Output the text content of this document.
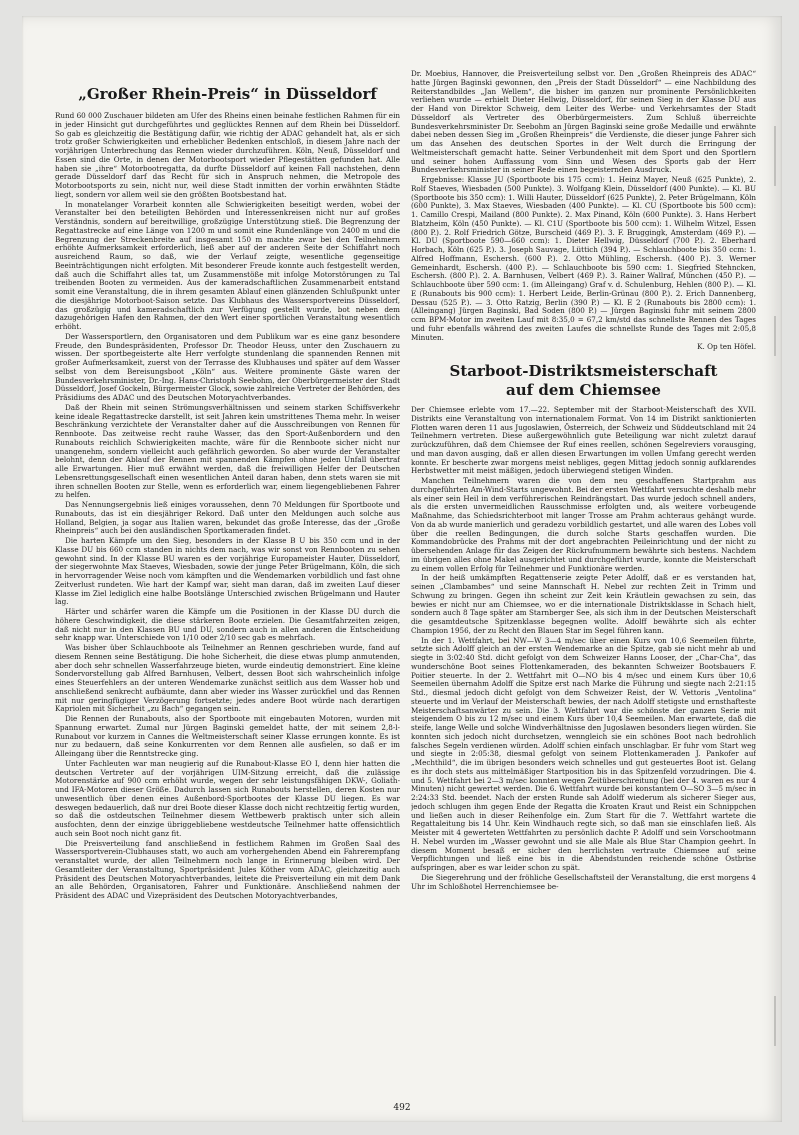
„Großer Rhein-Preis“ in Düsseldorf

Rund 60 000 Zuschauer bildeten am Ufer des Rheins einen beinahe festlichen Rahmen für ein in jeder Hinsicht gut durchgeführtes und geglücktes Rennen auf dem Rhein bei Düsseldorf. So gab es gleichzeitig die Bestätigung dafür, wie richtig der ADAC gehandelt hat, als er sich trotz großer Schwierigkeiten und erheblicher Bedenken entschloß, in diesem Jahre nach der vorjährigen Unterbrechung das Rennen wieder durchzuführen. Köln, Neuß, Düsseldorf und Essen sind die Orte, in denen der Motorbootsport wieder Pflegestätten gefunden hat. Alle haben sie „ihre“ Motorbootregatta, da durfte Düsseldorf auf keinen Fall nachstehen, denn gerade Düsseldorf darf das Recht für sich in Anspruch nehmen, die Metropole des Motorbootsports zu sein, nicht nur, weil diese Stadt inmitten der vorhin erwähnten Städte liegt, sondern vor allem weil sie den größten Bootsbestand hat.

In monatelanger Vorarbeit konnten alle Schwierigkeiten beseitigt werden, wobei der Veranstalter bei den beteiligten Behörden und Interessenkreisen nicht nur auf großes Verständnis, sondern auf bereitwillige, großzügige Unterstützung stieß. Die Begrenzung der Regattastrecke auf eine Länge von 1200 m und somit eine Rundenlänge von 2400 m und die Begrenzung der Streckenbreite auf insgesamt 150 m machte zwar bei den Teilnehmern erhöhte Aufmerksamkeit erforderlich, ließ aber auf der anderen Seite der Schiffahrt noch ausreichend Raum, so daß, wie der Verlauf zeigte, wesentliche gegenseitige Beeinträchtigungen nicht erfolgten. Mit besonderer Freude konnte auch festgestellt werden, daß auch die Schiffahrt alles tat, um Zusammenstöße mit infolge Motorstörungen zu Tal treibenden Booten zu vermeiden. Aus der kameradschaftlichen Zusammenarbeit entstand somit eine Veranstaltung, die in ihrem gesamten Ablauf einen glänzenden Schlußpunkt unter die diesjährige Motorboot-Saison setzte. Das Klubhaus des Wassersportvereins Düsseldorf, das großzügig und kameradschaftlich zur Verfügung gestellt wurde, bot neben dem dazugehörigen Hafen den Rahmen, der den Wert einer sportlichen Veranstaltung wesentlich erhöht.

Der Wassersportlern, den Organisatoren und dem Publikum war es eine ganz besondere Freude, den Bundespräsidenten, Professor Dr. Theodor Heuss, unter den Zuschauern zu wissen. Der sportbegeisterte alte Herr verfolgte stundenlang die spannenden Rennen mit großer Aufmerksamkeit, zuerst von der Terrasse des Klubhauses und später auf dem Wasser selbst von dem Bereisungsboot „Köln“ aus. Weitere prominente Gäste waren der Bundesverkehrsminister, Dr.-Ing. Hans-Christoph Seebohm, der Oberbürgermeister der Stadt Düsseldorf, Josef Gockeln, Bürgermeister Glock, sowie zahlreiche Vertreter der Behörden, des Präsidiums des ADAC und des Deutschen Motoryachtverbandes.

Daß der Rhein mit seinen Strömungsverhältnissen und seinem starken Schiffsverkehr keine ideale Regattastrecke darstellt, ist seit Jahren kein umstrittenes Thema mehr. In weiser Beschränkung verzichtete der Veranstalter daher auf die Ausschreibungen von Rennen für Rennboote. Das zeitweise recht rauhe Wasser, das den Sport-Außenbordern und den Runabouts reichlich Schwierigkeiten machte, wäre für die Rennboote sicher nicht nur unangenehm, sondern vielleicht auch gefährlich geworden. So aber wurde der Veranstalter belohnt, denn der Ablauf der Rennen mit spannenden Kämpfen ohne jeden Unfall übertraf alle Erwartungen. Hier muß erwähnt werden, daß die freiwilligen Helfer der Deutschen Lebensrettungsgesellschaft einen wesentlichen Anteil daran haben, denn stets waren sie mit ihren schnellen Booten zur Stelle, wenn es erforderlich war, einem liegengebliebenen Fahrer zu helfen.

Das Nennungsergebnis ließ einiges voraussehen, denn 70 Meldungen für Sportboote und Runabouts, das ist ein diesjähriger Rekord. Daß unter den Meldungen auch solche aus Holland, Belgien, ja sogar aus Italien waren, bekundet das große Interesse, das der „Große Rheinpreis“ auch bei den ausländischen Sportkameraden findet.

Die harten Kämpfe um den Sieg, besonders in der Klasse B U bis 350 ccm und in der Klasse DU bis 660 ccm standen in nichts dem nach, was wir sonst von Rennbooten zu sehen gewohnt sind. In der Klasse BU waren es der vorjährige Europameister Hauter, Düsseldorf, der siegerwohnte Max Staeves, Wiesbaden, sowie der junge Peter Brügelmann, Köln, die sich in hervorragender Weise noch vom kämpften und die Wendemarken vorbildlich und fast ohne Zeitverlust rundeten. Wie hart der Kampf war, sieht man daran, daß im zweiten Lauf dieser Klasse im Ziel lediglich eine halbe Bootslänge Unterschied zwischen Brügelmann und Hauter lag.

Härter und schärfer waren die Kämpfe um die Positionen in der Klasse DU durch die höhere Geschwindigkeit, die diese stärkeren Boote erzielen. Die Gesamtfahrzeiten zeigen, daß nicht nur in den Klassen BU und DU, sondern auch in allen anderen die Entscheidung sehr knapp war. Unterschiede von 1/10 oder 2/10 sec gab es mehrfach.

Was bisher über Schlauchboote als Teilnehmer an Rennen geschrieben wurde, fand auf diesem Rennen seine Bestätigung. Die hohe Sicherheit, die diese etwas plump anmutenden, aber doch sehr schnellen Wasserfahrzeuge bieten, wurde eindeutig demonstriert. Eine kleine Sondervorstellung gab Alfred Barnhusen, Velbert, dessen Boot sich wahrscheinlich infolge eines Steuerfehlers an der unteren Wendemarke zunächst seitlich aus dem Wasser hob und anschließend senkrecht aufbäumte, dann aber wieder ins Wasser zurückfiel und das Rennen mit nur geringfügiger Verzögerung fortsetzte; jedes andere Boot würde nach derartigen Kapriolen mit Sicherheit „zu Bach“ gegangen sein.

Die Rennen der Runabouts, also der Sportboote mit eingebauten Motoren, wurden mit Spannung erwartet. Zumal nur Jürgen Baginski gemeldet hatte, der mit seinem 2,8-l-Runabout vor kurzem in Cannes die Weltmeisterschaft seiner Klasse errungen konnte. Es ist nur zu bedauern, daß seine Konkurrenten vor dem Rennen alle ausfielen, so daß er im Alleingang über die Renntstrecke ging.

Unter Fachleuten war man neugierig auf die Runabout-Klasse EO I, denn hier hatten die deutschen Vertreter auf der vorjährigen UIM-Sitzung erreicht, daß die zulässige Motorenstärke auf 900 ccm erhöht wurde, wegen der sehr leistungsfähigen DKW-, Goliath- und IFA-Motoren dieser Größe. Dadurch lassen sich Runabouts herstellen, deren Kosten nur unwesentlich über denen eines Außenbord-Sportbootes der Klasse DU liegen. Es war deswegen bedauerlich, daß nur drei Boote dieser Klasse doch nicht rechtzeitig fertig wurden, so daß die ostdeutschen Teilnehmer diesem Wettbewerb praktisch unter sich allein ausfochten, denn der einzige übriggebliebene westdeutsche Teilnehmer hatte offensichtlich auch sein Boot noch nicht ganz fit.

Die Preisverteilung fand anschließend in festlichem Rahmen im Großen Saal des Wassersportverein-Clubhauses statt, wo auch am vorhergehenden Abend ein Fahrerempfang veranstaltet wurde, der allen Teilnehmern noch lange in Erinnerung bleiben wird. Der Gesamtleiter der Veranstaltung, Sportpräsident Jules Köther vom ADAC, gleichzeitig auch Präsident des Deutschen Motoryachtverbandes, leitete die Preisverteilung ein mit dem Dank an alle Behörden, Organisatoren, Fahrer und Funktionäre. Anschließend nahmen der Präsident des ADAC und Vizepräsident des Deutschen Motoryachtverbandes,

Dr. Moebius, Hannover, die Preisverteilung selbst vor. Den „Großen Rheinpreis des ADAC“ hatte Jürgen Baginski gewonnen, den „Preis der Stadt Düsseldorf“ — eine Nachbildung des Reiterstandbildes „Jan Wellem“, die bisher im ganzen nur prominente Persönlichkeiten verliehen wurde — erhielt Dieter Hellwig, Düsseldorf, für seinen Sieg in der Klasse DU aus der Hand von Direktor Schweig, dem Leiter des Werbe- und Verkehrsamtes der Stadt Düsseldorf als Vertreter des Oberbürgermeisters. Zum Schluß überreichte Bundesverkehrsminister Dr. Seebohm an Jürgen Baginski seine große Medaille und erwähnte dabei neben dessen Sieg im „Großen Rheinpreis“ die Verdienste, die dieser junge Fahrer sich um das Ansehen des deutschen Sportes in der Welt durch die Erringung der Weltmeisterschaft gemacht hatte. Seiner Verbundenheit mit dem Sport und den Sportlern und seiner hohen Auffassung vom Sinn und Wesen des Sports gab der Herr Bundesverkehrsminister in seiner Rede einen begeisternden Ausdruck.

Ergebnisse: Klasse JU (Sportboote bis 175 ccm): 1. Heinz Mayer, Neuß (625 Punkte), 2. Rolf Staeves, Wiesbaden (500 Punkte). 3. Wolfgang Klein, Düsseldorf (400 Punkte). — Kl. BU (Sportboote bis 350 ccm): 1. Willi Hauter, Düsseldorf (625 Punkte), 2. Peter Brügelmann, Köln (600 Punkte), 3. Max Staeves, Wiesbaden (400 Punkte). — Kl. CU (Sportboote bis 500 ccm): 1. Camillo Crespi, Mailand (800 Punkte). 2. Max Pinand, Köln (600 Punkte). 3. Hans Herbert Blatzheim, Köln (450 Punkte). — Kl. C1U (Sportboote bis 500 ccm): 1. Wilhelm Witzel, Essen (800 P.). 2. Rolf Friedrich Götze, Burscheid (469 P.). 3. F. Bruggingk, Amsterdam (469 P.). — Kl. DU (Sportboote 590—660 ccm): 1. Dieter Hellwig, Düsseldorf (700 P.). 2. Eberhard Horbach, Köln (625 P.). 3. Joseph Sauvage, Lüttich (394 P.). — Schlauchboote bis 350 ccm: 1. Alfred Hoffmann, Eschersh. (600 P.). 2. Otto Mühling, Eschersh. (400 P.). 3. Werner Gemeinhardt, Eschersh. (400 P.). — Schlauchboote bis 590 ccm: 1. Siegfried Stehncken, Eschersh. (800 P.). 2. A. Barnhusen, Velbert (469 P.). 3. Rainer Wallraf, München (450 P.). — Schlauchboote über 590 ccm: 1. (im Alleingang) Graf v. d. Schulenburg, Hehlen (800 P.). — Kl. E (Runabouts bis 900 ccm): 1. Herbert Leide, Berlin-Grünau (800 P.). 2. Erich Dannenberg, Dessau (525 P.). — 3. Otto Ratzig, Berlin (390 P.) — Kl. E 2 (Runabouts bis 2800 ccm): 1. (Alleingang) Jürgen Baginski, Bad Soden (800 P.) — Jürgen Baginski fuhr mit seinem 2800 ccm BPM-Motor im zweiten Lauf mit 8:35,0 = 67,2 km/std das schnellste Rennen des Tages und fuhr ebenfalls während des zweiten Laufes die schnellste Runde des Tages mit 2:05,8 Minuten.

K. Op ten Höfel.

Starboot-Distriktsmeisterschaft
auf dem Chiemsee

Der Chiemsee erlebte vom 17.—22. September mit der Starboot-Meisterschaft des XVII. Distrikts eine Veranstaltung von internationalem Format. Von 14 im Distrikt sanktionierten Flotten waren deren 11 aus Jugoslawien, Österreich, der Schweiz und Süddeutschland mit 24 Teilnehmern vertreten. Diese außergewöhnlich gute Beteiligung war nicht zuletzt darauf zurückzuführen, daß dem Chiemsee der Ruf eines reellen, schönen Segelreviers vorausging, und man davon ausging, daß er allen diesen Erwartungen im vollen Umfang gerecht werden konnte. Er bescherte zwar morgens meist nebliges, gegen Mittag jedoch sonnig aufklarendes Herbstwetter mit meist mäßigen, jedoch überwiegend stetigen Winden.

Manchen Teilnehmern waren die von dem neu geschaffenen Startprahm aus durchgeführten Am-Wind-Starts ungewohnt. Bei der ersten Wettfahrt versuchte deshalb mehr als einer sein Heil in dem verführerischen Reindrängstart. Das wurde jedoch schnell anders, als die ersten unvermeidlichen Rausschmisse erfolgten und, als weitere vorbeugende Maßnahme, das Schiedsrichterboot mit langer Trosse am Prahm achteraus gehängt wurde. Von da ab wurde manierlich und geradezu vorbildlich gestartet, und alle waren des Lobes voll über die reellen Bedingungen, die durch solche Starts geschaffen wurden. Die Kommandobrücke des Prahms mit der dort angebrachten Peileinrichtung und der nicht zu übersehenden Anlage für das Zeigen der Rückrufnummern bewährte sich bestens. Nachdem im übrigen alles ohne Makel ausgerichtet und durchgeführt wurde, konnte die Meisterschaft zu einem vollen Erfolg für Teilnehmer und Funktionäre werden.

In der heiß umkämpften Regattenserie zeigte Peter Adolff, daß er es verstanden hat, seinen „Clambambes“ und seine Mannschaft H. Nebel zur rechten Zeit in Trimm und Schwung zu bringen. Gegen ihn scheint zur Zeit kein Kräutlein gewachsen zu sein, das bewies er nicht nur am Chiemsee, wo er die internationale Distriktsklasse in Schach hielt, sondern auch 8 Tage später am Starnberger See, als sich ihm in der Deutschen Meisterschaft die gesamtdeutsche Spitzenklasse begegnen wollte. Adolff bewährte sich als echter Champion 1956, der zu Recht den Blauen Star im Segel führen kann.

In der 1. Wettfahrt, bei NW—W 3—4 m/sec über einen Kurs von 10,6 Seemeilen führte, setzte sich Adolff gleich an der ersten Wendemarke an die Spitze, gab sie nicht mehr ab und siegte in 3:02:40 Std. dicht gefolgt von dem Schweizer Hanns Looser, der „Char-Cha“, das wunderschöne Boot seines Flottenkameraden, des bekannten Schweizer Bootsbauers F. Poitier steuerte. In der 2. Wettfahrt mit O—NO bis 4 m/sec und einem Kurs über 10,6 Seemeilen übernahm Adolff die Spitze erst nach Marke die Führung und siegte nach 2:21:15 Std., diesmal jedoch dicht gefolgt von dem Schweizer Reist, der W. Vettoris „Ventolina“ steuerte und im Verlauf der Meisterschaft bewies, der nach Adolff stetigste und ernsthafteste Meisterschaftsanwärter zu sein. Die 3. Wettfahrt war die schönste der ganzen Serie mit steigendem O bis zu 12 m/sec und einem Kurs über 10,4 Seemeilen. Man erwartete, daß die steife, lange Welle und solche Windverhältnisse den Jugoslawen besonders liegen würden. Sie konnten sich jedoch nicht durchsetzen, wenngleich sie ein schönes Boot nach bedrohlich falsches Segeln verdienen würden. Adolff schien einfach unschlagbar. Er fuhr vom Start weg und siegte in 2:05:38, diesmal gefolgt von seinem Flottenkameraden J. Pankofer auf „Mechthild“, die im übrigen besonders weich schnelles und gut gesteuertes Boot ist. Gelang es ihr doch stets aus mittelmäßiger Startposition bis in das Spitzenfeld vorzudringen. Die 4. und 5. Wettfahrt bei 2—3 m/sec konnten wegen Zeitüberschreitung (bei der 4. waren es nur 4 Minuten) nicht gewertet werden. Die 6. Wettfahrt wurde bei konstantem O—SO 3—5 m/sec in 2:24:33 Std. beendet. Nach der ersten Runde sah Adolff wiederum als sicherer Sieger aus, jedoch schlugen ihm gegen Ende der Regatta die Kroaten Kraut und Reist ein Schnippchen und ließen auch in dieser Reihenfolge ein. Zum Start für die 7. Wettfahrt wartete die Regattaleitung bis 14 Uhr. Kein Windhauch regte sich, so daß man sie einschlafen ließ. Als Meister mit 4 gewerteten Wettfahrten zu persönlich dachte P. Adolff und sein Vorschootmann H. Nebel wurden im „Wasser gewohnt und sie alle Male als Blue Star Champion geehrt. In diesem Moment besaß er sicher den herrlichsten vertraute Chiemsee auf seine Verpflichtungen und ließ eine bis in die Abendstunden reichende schöne Ostbrise aufspringen, aber es war leider schon zu spät.

Die Siegerehrung und der fröhliche Gesellschaftsteil der Veranstaltung, die erst morgens 4 Uhr im Schloßhotel Herrenchiemsee be-

492
